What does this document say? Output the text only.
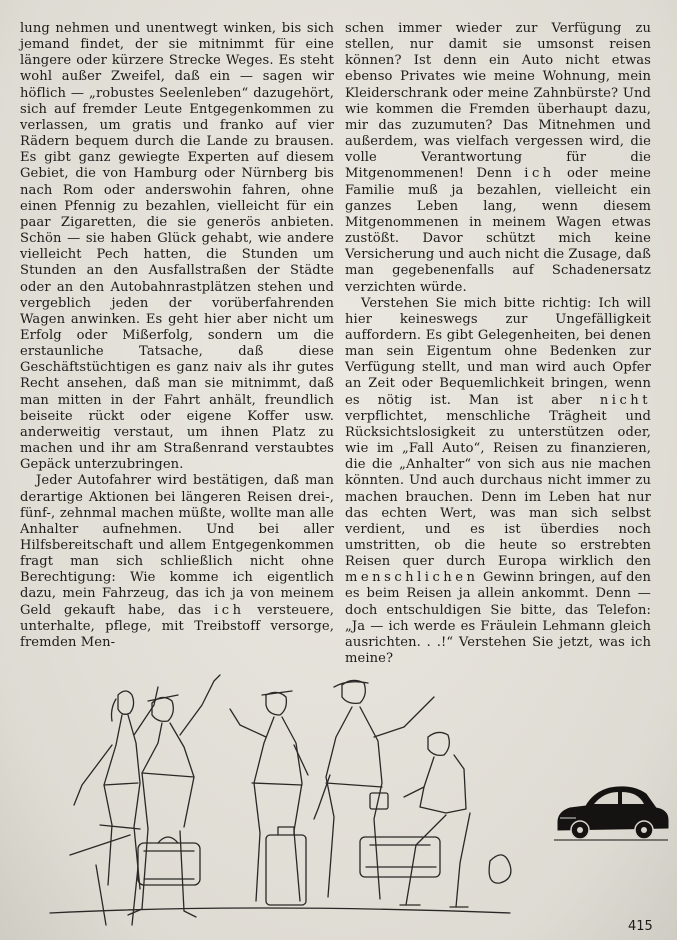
lung nehmen und unentwegt winken, bis sich jemand findet, der sie mitnimmt für eine längere oder kürzere Strecke Weges. Es steht wohl außer Zweifel, daß ein — sagen wir höflich — „robustes Seelenleben“ dazugehört, sich auf fremder Leute Entgegenkommen zu verlassen, um gratis und franko auf vier Rädern bequem durch die Lande zu brausen. Es gibt ganz gewiegte Experten auf diesem Gebiet, die von Hamburg oder Nürnberg bis nach Rom oder anderswohin fahren, ohne einen Pfennig zu bezahlen, vielleicht für ein paar Zigaretten, die sie generös anbieten. Schön — sie haben Glück gehabt, wie andere vielleicht Pech hatten, die Stunden um Stunden an den Ausfallstraßen der Städte oder an den Autobahnrastplätzen stehen und vergeblich jeden der vorüberfahrenden Wagen anwinken. Es geht hier aber nicht um Erfolg oder Mißerfolg, sondern um die erstaunliche Tatsache, daß diese Geschäftstüchtigen es ganz naiv als ihr gutes Recht ansehen, daß man sie mitnimmt, daß man mitten in der Fahrt anhält, freundlich beiseite rückt oder eigene Koffer usw. anderweitig verstaut, um ihnen Platz zu machen und ihr am Straßenrand verstaubtes Gepäck unterzubringen.

Jeder Autofahrer wird bestätigen, daß man derartige Aktionen bei längeren Reisen drei-, fünf-, zehnmal machen müßte, wollte man alle Anhalter aufnehmen. Und bei aller Hilfsbereitschaft und allem Entgegenkommen fragt man sich schließlich nicht ohne Berechtigung: Wie komme ich eigentlich dazu, mein Fahrzeug, das ich ja von meinem Geld gekauft habe, das ich versteuere, unterhalte, pflege, mit Treibstoff versorge, fremden Men-

schen immer wieder zur Verfügung zu stellen, nur damit sie umsonst reisen können? Ist denn ein Auto nicht etwas ebenso Privates wie meine Wohnung, mein Kleiderschrank oder meine Zahnbürste? Und wie kommen die Fremden überhaupt dazu, mir das zuzumuten? Das Mitnehmen und außerdem, was vielfach vergessen wird, die volle Verantwortung für die Mitgenommenen! Denn ich oder meine Familie muß ja bezahlen, vielleicht ein ganzes Leben lang, wenn diesem Mitgenommenen in meinem Wagen etwas zustößt. Davor schützt mich keine Versicherung und auch nicht die Zusage, daß man gegebenenfalls auf Schadenersatz verzichten würde.

Verstehen Sie mich bitte richtig: Ich will hier keineswegs zur Ungefälligkeit auffordern. Es gibt Gelegenheiten, bei denen man sein Eigentum ohne Bedenken zur Verfügung stellt, und man wird auch Opfer an Zeit oder Bequemlichkeit bringen, wenn es nötig ist. Man ist aber nicht verpflichtet, menschliche Trägheit und Rücksichtslosigkeit zu unterstützen oder, wie im „Fall Auto“, Reisen zu finanzieren, die die „Anhalter“ von sich aus nie machen könnten. Und auch durchaus nicht immer zu machen brauchen. Denn im Leben hat nur das echten Wert, was man sich selbst verdient, und es ist überdies noch umstritten, ob die heute so erstrebten Reisen quer durch Europa wirklich den menschlichen Gewinn bringen, auf den es beim Reisen ja allein ankommt. Denn — doch entschuldigen Sie bitte, das Telefon: „Ja — ich werde es Fräulein Lehmann gleich ausrichten. . .!“ Verstehen Sie jetzt, was ich meine?

415
